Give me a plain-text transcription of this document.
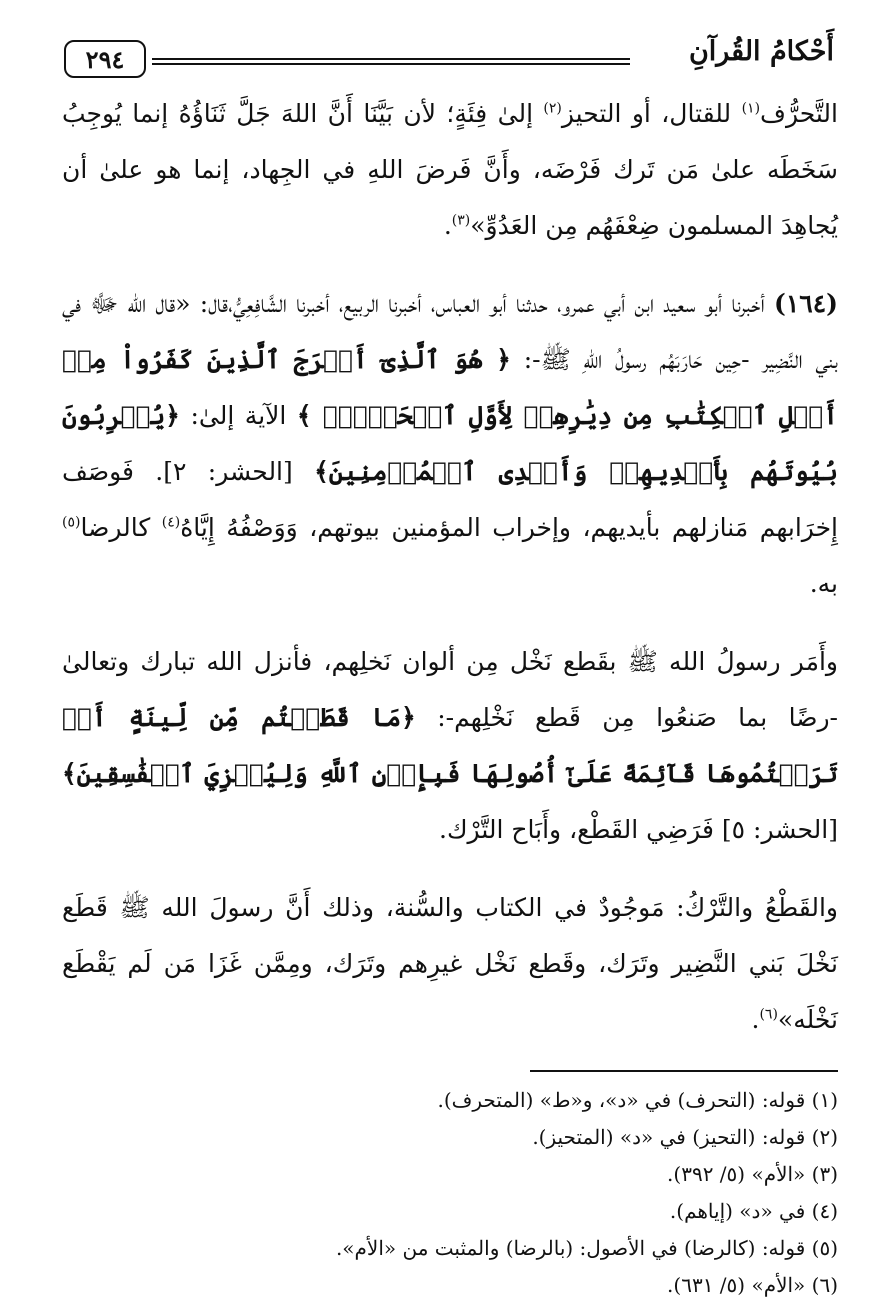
أَحْكامُ القُرآنِ
٢٩٤

التَّحرُّف$^{(١)}$ للقتال، أو التحيز$^{(٢)}$ إلىٰ فِئَةٍ؛ لأن بَيَّنَا أَنَّ اللهَ جَلَّ ثَنَاؤُهُ إنما يُوجِبُ سَخَطَه علىٰ مَن تَرك فَرْضَه، وأَنَّ فَرضَ اللهِ في الجِهاد، إنما هو علىٰ أن يُجاهِدَ المسلمون ضِعْفَهُم مِن العَدُوِّ»$^{(٣)}$.

(١٦٤) أخبرنا أبو سعيد ابن أبي عمرو، حدثنا أبو العباس، أخبرنا الربيع، أخبرنا الشَّافِعِيُّ،قال: «قال الله ﷻ في بني النَّضِير -حِين حَارَبَهُم رسولُ اللهِ ﷺ-: ﴿ هُوَ ٱلَّذِىٓ أَخۡرَجَ ٱلَّذِينَ كَفَرُواْ مِنۡ أَهۡلِ ٱلۡكِتَٰبِ مِن دِيَٰرِهِمۡ لِأَوَّلِ ٱلۡحَشۡرِۚ ﴾ الآية إلىٰ: ﴿يُخۡرِبُونَ بُيُوتَهُم بِأَيۡدِيهِمۡ وَأَيۡدِى ٱلۡمُؤۡمِنِينَ﴾ [الحشر: ٢]. فَوصَف إِخرَابهم مَنازلهم بأيديهم، وإخراب المؤمنين بيوتهم، وَوَصْفُهُ إِيَّاهُ$^{(٤)}$ كالرضا$^{(٥)}$ به.

وأَمَر رسولُ الله ﷺ بقَطع نَخْل مِن ألوان نَخلِهم، فأنزل الله تبارك وتعالىٰ -رضًا بما صَنعُوا مِن قَطع نَخْلِهم-: ﴿مَا قَطَعۡتُم مِّن لِّينَةٍ أَوۡ تَرَكۡتُمُوهَا قَآئِمَةً عَلَىٰٓ أُصُولِهَا فَبِإِذۡنِ ٱللَّهِ وَلِيُخۡزِيَ ٱلۡفَٰسِقِينَ﴾ [الحشر: ٥] فَرَضِي القَطْع، وأَبَاح التَّرْك.

والقَطْعُ والتَّرْكُ: مَوجُودٌ في الكتاب والسُّنة، وذلك أَنَّ رسولَ الله ﷺ قَطَع نَخْلَ بَني النَّضِير وتَرَك، وقَطع نَخْل غيرِهم وتَرَك، ومِمَّن غَزَا مَن لَم يَقْطَع نَخْلَه»$^{(٦)}$.

(١) قوله: (التحرف) في «د»، و«ط» (المتحرف).
(٢) قوله: (التحيز) في «د» (المتحيز).
(٣) «الأم» (٥/ ٣٩٢).
(٤) في «د» (إياهم).
(٥) قوله: (كالرضا) في الأصول: (بالرضا) والمثبت من «الأم».
(٦) «الأم» (٥/ ٦٣١).
